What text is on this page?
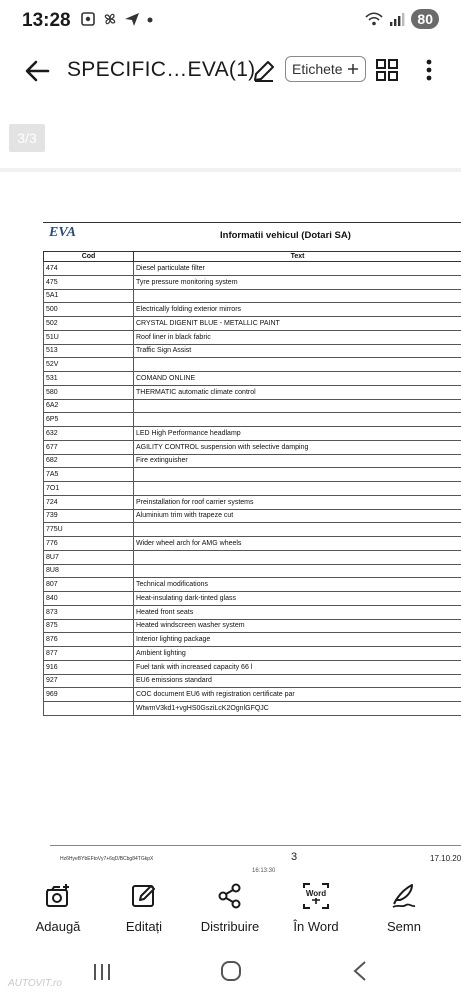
13:28	80
SPECIFIC…EVA(1)	Etichete
3/3
EVA	Informatii vehicul (Dotari SA)
Cod	Text
474	Diesel particulate filter
475	Tyre pressure monitoring system
5A1	
500	Electrically folding exterior mirrors
502	CRYSTAL DIGENIT BLUE - METALLIC PAINT
51U	Roof liner in black fabric
513	Traffic Sign Assist
52V	
531	COMAND ONLINE
580	THERMATIC automatic climate control
6A2	
6P5	
632	LED High Performance headlamp
677	AGILITY CONTROL suspension with selective damping
682	Fire extinguisher
7A5	
7O1	
724	Preinstallation for roof carrier systems
739	Aluminium trim with trapeze cut
775U	
776	Wider wheel arch for AMG wheels
8U7	
8U8	
807	Technical modifications
840	Heat-insulating dark-tinted glass
873	Heated front seats
875	Heated windscreen washer system
876	Interior lighting package
877	Ambient lighting
916	Fuel tank with increased capacity 66 l
927	EU6 emissions standard
969	COC document EU6 with registration certificate par
	WtwmV3kd1+vgHS0GsziLcK2OgnlGFQJC
Hz6HyeBYbEFtoVy7+6qD/BCbg84TGkpX	3	17.10.20
16:13:30
Adaugă	Editați	Distribuire
Word
În Word	Semn
AUTOVIT.ro
